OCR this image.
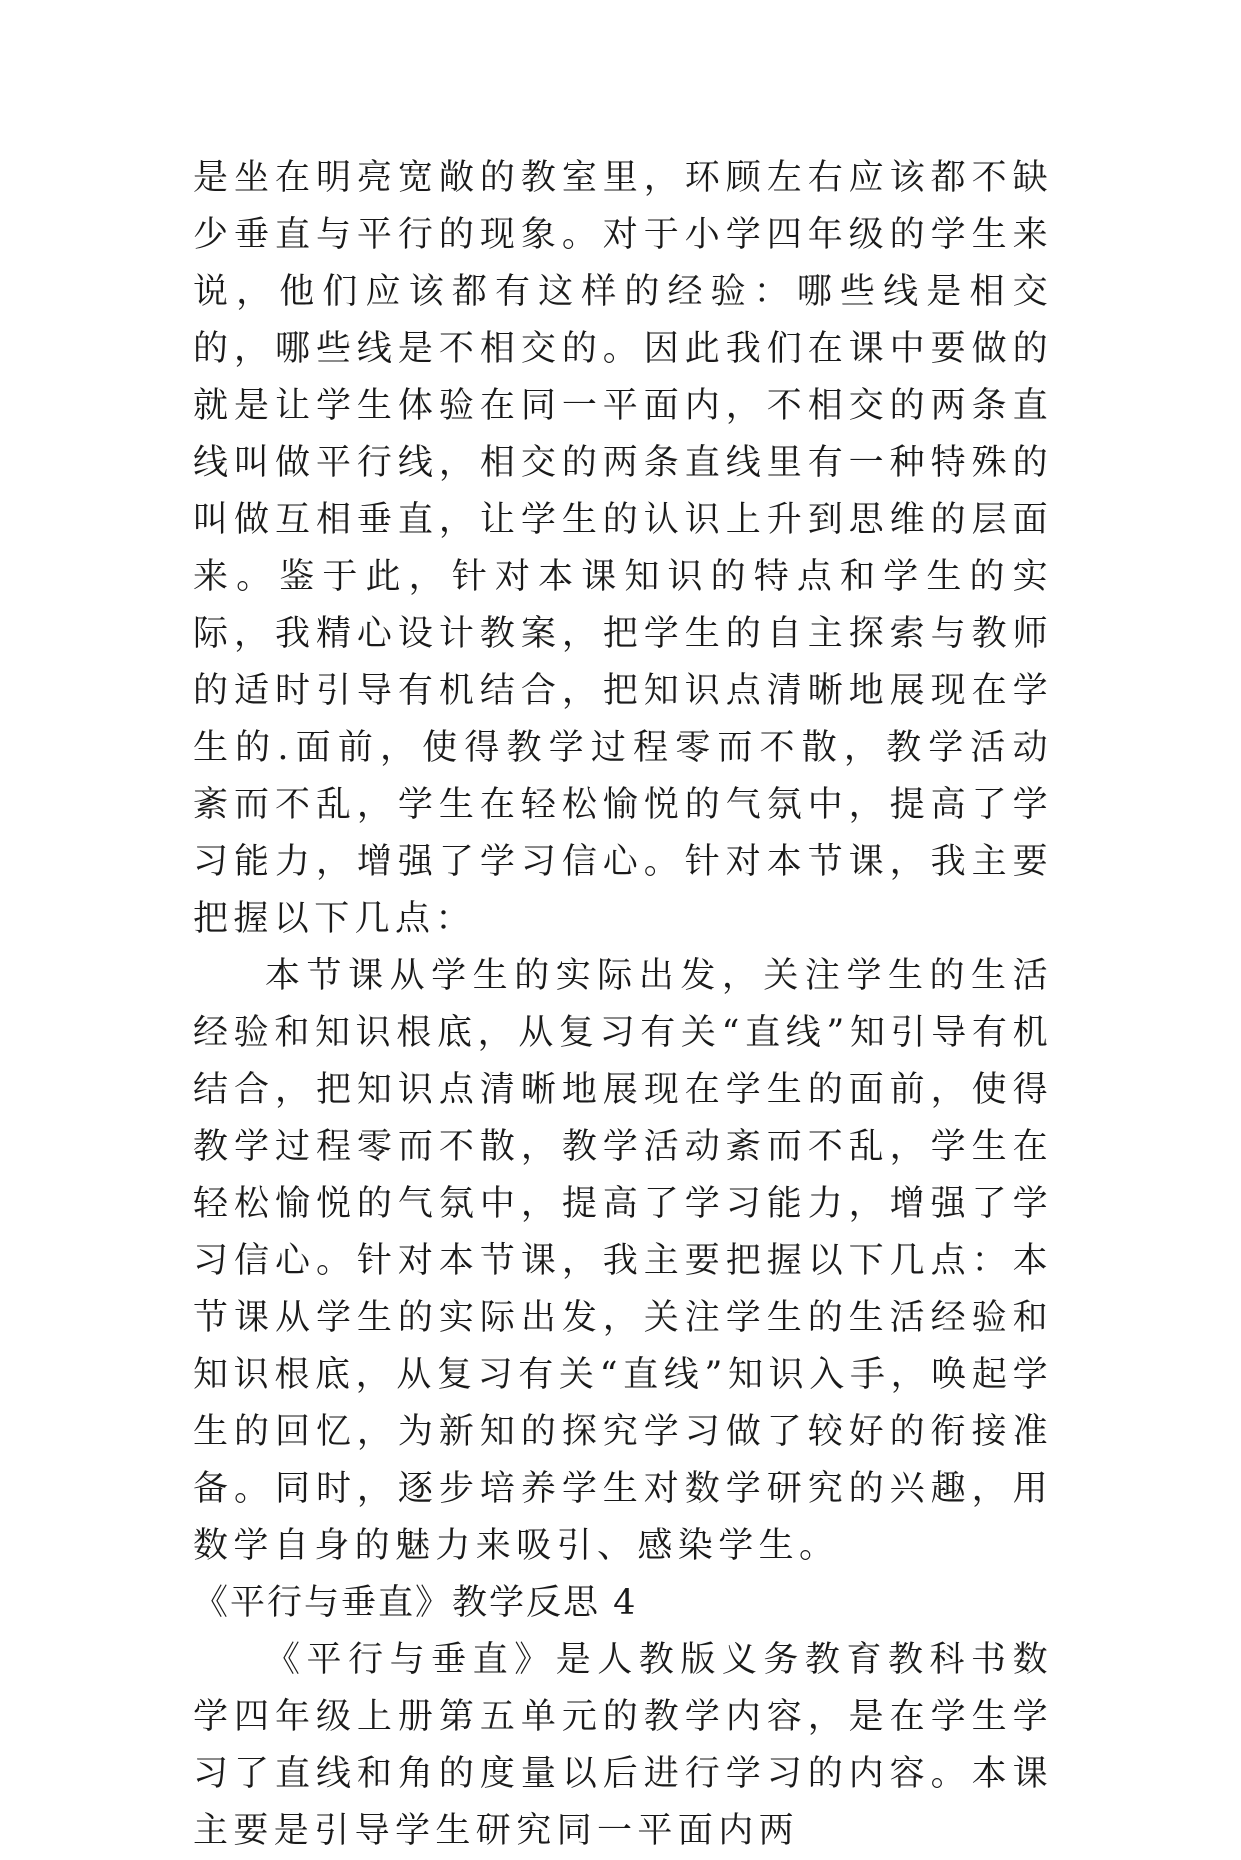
是坐在明亮宽敞的教室里，环顾左右应该都不缺少垂直与平行的现象。对于小学四年级的学生来说，他们应该都有这样的经验：哪些线是相交的，哪些线是不相交的。因此我们在课中要做的就是让学生体验在同一平面内，不相交的两条直线叫做平行线，相交的两条直线里有一种特殊的叫做互相垂直，让学生的认识上升到思维的层面来。鉴于此，针对本课知识的特点和学生的实际，我精心设计教案，把学生的自主探索与教师的适时引导有机结合，把知识点清晰地展现在学生的.面前，使得教学过程零而不散，教学活动紊而不乱，学生在轻松愉悦的气氛中，提高了学习能力，增强了学习信心。针对本节课，我主要把握以下几点：

本节课从学生的实际出发，关注学生的生活经验和知识根底，从复习有关“直线”知引导有机结合，把知识点清晰地展现在学生的面前，使得教学过程零而不散，教学活动紊而不乱，学生在轻松愉悦的气氛中，提高了学习能力，增强了学习信心。针对本节课，我主要把握以下几点：本节课从学生的实际出发，关注学生的生活经验和知识根底，从复习有关“直线”知识入手，唤起学生的回忆，为新知的探究学习做了较好的衔接准备。同时，逐步培养学生对数学研究的兴趣，用数学自身的魅力来吸引、感染学生。

《平行与垂直》教学反思 4

《平行与垂直》是人教版义务教育教科书数学四年级上册第五单元的教学内容，是在学生学习了直线和角的度量以后进行学习的内容。本课主要是引导学生研究同一平面内两
